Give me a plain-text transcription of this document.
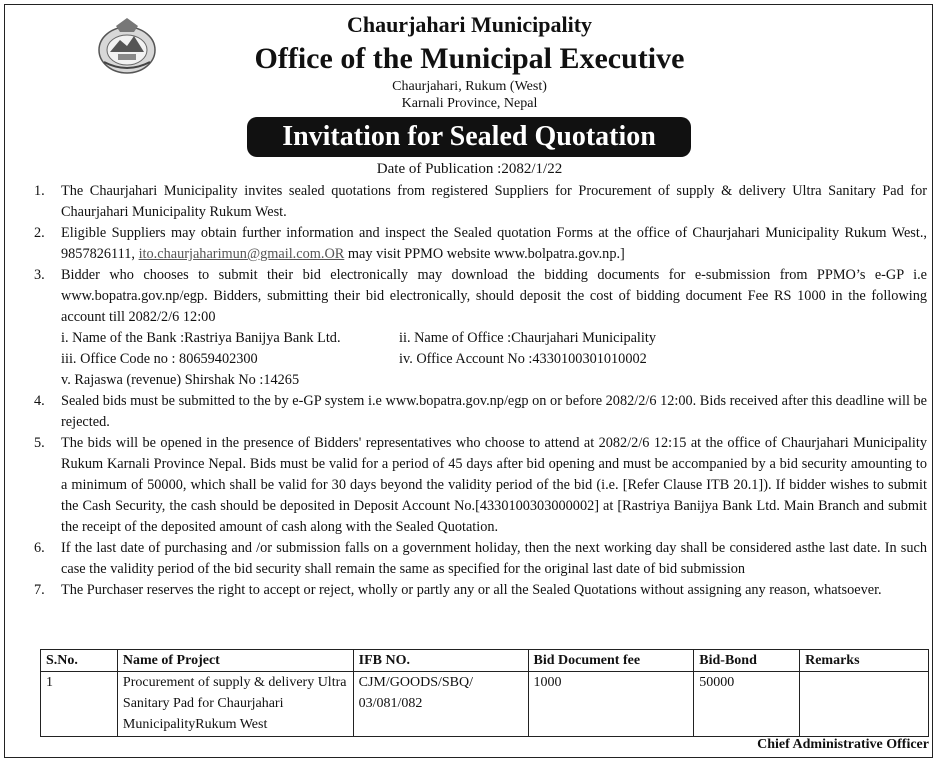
Chaurjahari Municipality
Office of the Municipal Executive
Chaurjahari, Rukum (West)
Karnali Province, Nepal
Invitation for Sealed Quotation
Date of Publication :2082/1/22
1. The Chaurjahari Municipality invites sealed quotations from registered Suppliers for Procurement of supply & delivery Ultra Sanitary Pad for Chaurjahari Municipality Rukum West.
2. Eligible Suppliers may obtain further information and inspect the Sealed quotation Forms at the office of Chaurjahari Municipality Rukum West., 9857826111, ito.chaurjaharimun@gmail.com.OR may visit PPMO website www.bolpatra.gov.np.]
3. Bidder who chooses to submit their bid electronically may download the bidding documents for e-submission from PPMO’s e-GP i.e www.bopatra.gov.np/egp. Bidders, submitting their bid electronically, should deposit the cost of bidding document Fee RS 1000 in the following account till 2082/2/6 12:00
i. Name of the Bank :Rastriya Banijya Bank Ltd.	ii. Name of Office :Chaurjahari Municipality
iii. Office Code no : 80659402300	iv. Office Account No :4330100301010002
v. Rajaswa (revenue) Shirshak No :14265
4. Sealed bids must be submitted to the by e-GP system i.e www.bopatra.gov.np/egp on or before 2082/2/6 12:00. Bids received after this deadline will be rejected.
5. The bids will be opened in the presence of Bidders' representatives who choose to attend at 2082/2/6 12:15 at the office of Chaurjahari Municipality Rukum Karnali Province Nepal. Bids must be valid for a period of 45 days after bid opening and must be accompanied by a bid security amounting to a minimum of 50000, which shall be valid for 30 days beyond the validity period of the bid (i.e. [Refer Clause ITB 20.1]). If bidder wishes to submit the Cash Security, the cash should be deposited in Deposit Account No.[4330100303000002] at [Rastriya Banijya Bank Ltd. Main Branch and submit the receipt of the deposited amount of cash along with the Sealed Quotation.
6. If the last date of purchasing and /or submission falls on a government holiday, then the next working day shall be considered asthe last date. In such case the validity period of the bid security shall remain the same as specified for the original last date of bid submission
7. The Purchaser reserves the right to accept or reject, wholly or partly any or all the Sealed Quotations without assigning any reason, whatsoever.
S.No.	Name of Project	IFB NO.	Bid Document fee	Bid-Bond	Remarks
1	Procurement of supply & delivery Ultra Sanitary Pad for Chaurjahari MunicipalityRukum West	CJM/GOODS/SBQ/ 03/081/082	1000	50000	
Chief Administrative Officer
